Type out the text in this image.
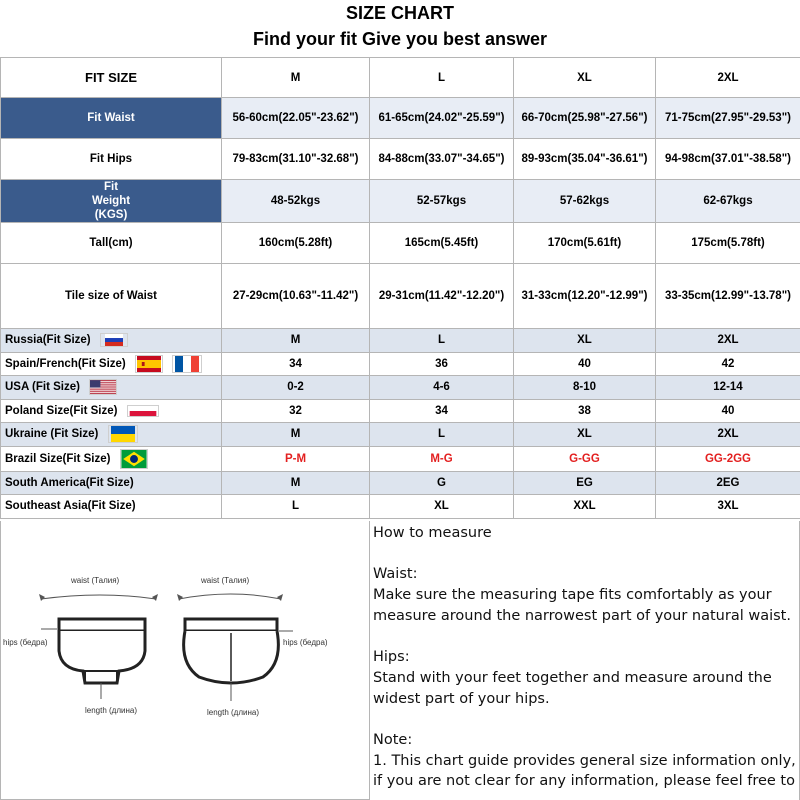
SIZE CHART
Find your fit Give you best answer
FIT SIZE	M	L	XL	2XL
Fit Waist	56-60cm(22.05"-23.62")	61-65cm(24.02"-25.59")	66-70cm(25.98"-27.56")	71-75cm(27.95"-29.53")
Fit Hips	79-83cm(31.10"-32.68")	84-88cm(33.07"-34.65")	89-93cm(35.04"-36.61")	94-98cm(37.01"-38.58")
Fit Weight (KGS)	48-52kgs	52-57kgs	57-62kgs	62-67kgs
Tall(cm)	160cm(5.28ft)	165cm(5.45ft)	170cm(5.61ft)	175cm(5.78ft)
Tile size of Waist	27-29cm(10.63"-11.42")	29-31cm(11.42"-12.20")	31-33cm(12.20"-12.99")	33-35cm(12.99"-13.78")
Russia(Fit Size)	M	L	XL	2XL
Spain/French(Fit Size)	34	36	40	42
USA (Fit Size)	0-2	4-6	8-10	12-14
Poland Size(Fit Size)	32	34	38	40
Ukraine (Fit Size)	M	L	XL	2XL
Brazil Size(Fit Size)	P-M	M-G	G-GG	GG-2GG
South America(Fit Size)	M	G	EG	2EG
Southeast Asia(Fit Size)	L	XL	XXL	3XL
waist (Талия)	waist (Талия)
hips (бедра)	hips (бедра)
length (длина)	length (длина)

How to measure

Waist:

Make sure the measuring tape fits comfortably as your measure around the narrowest part of your natural waist.

Hips:

Stand with your feet together and measure around the widest part of your hips.

Note:

1. This chart guide provides general size information only, if you are not clear for any information, please feel free to
